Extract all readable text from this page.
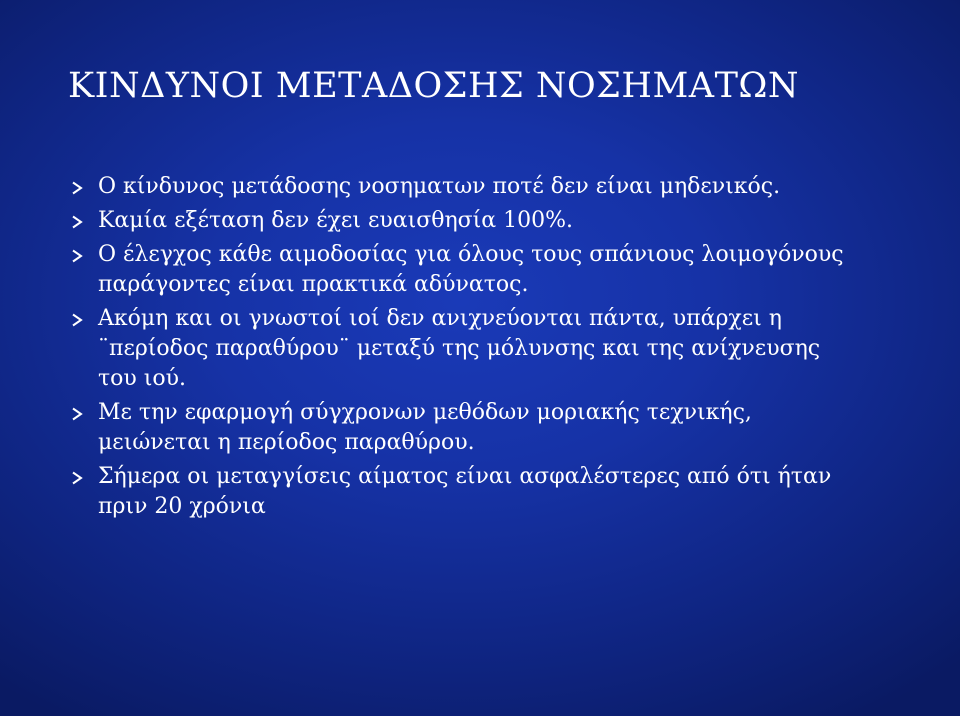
ΚΙΝΔΥΝΟΙ ΜΕΤΑΔΟΣΗΣ ΝΟΣΗΜΑΤΩΝ
Ο κίνδυνος μετάδοσης νοσηματων ποτέ δεν είναι μηδενικός.
Καμία εξέταση δεν έχει ευαισθησία 100%.
Ο έλεγχος κάθε αιμοδοσίας για όλους τους σπάνιους λοιμογόνους
παράγοντες είναι πρακτικά αδύνατος.
Ακόμη και οι γνωστοί ιοί δεν ανιχνεύονται πάντα, υπάρχει η
¨περίοδος παραθύρου¨ μεταξύ της μόλυνσης και της ανίχνευσης
του ιού.
Με την εφαρμογή σύγχρονων μεθόδων μοριακής τεχνικής,
μειώνεται η περίοδος παραθύρου.
Σήμερα οι μεταγγίσεις αίματος είναι ασφαλέστερες από ότι ήταν
πριν 20 χρόνια
